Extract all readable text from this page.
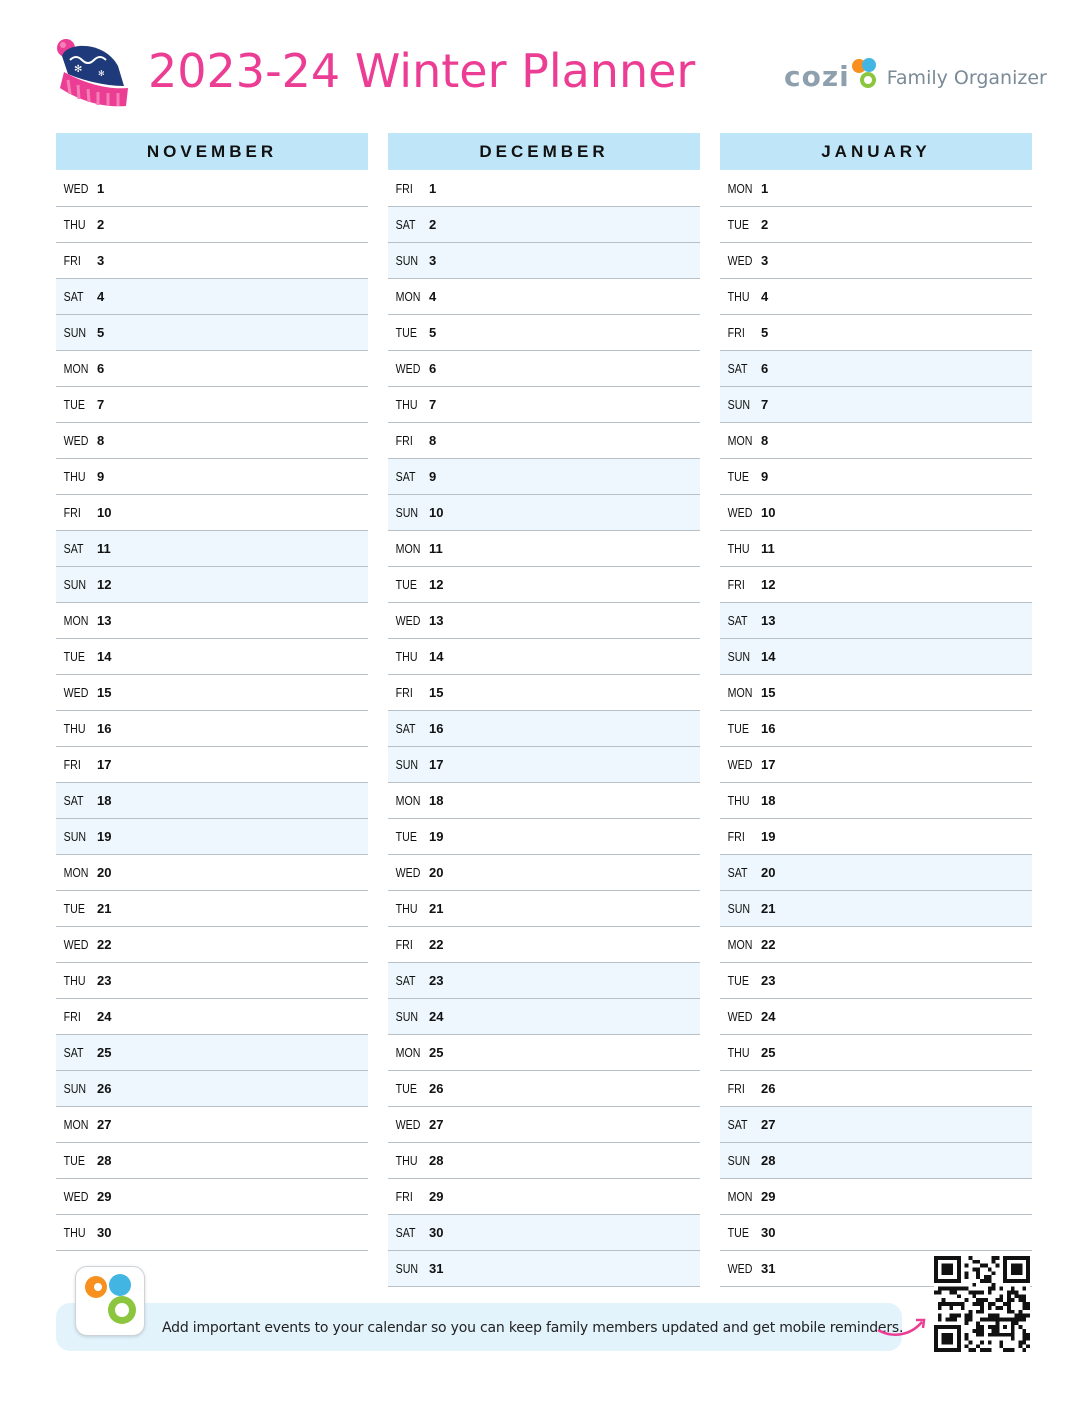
✻ ✻ 2023-24 Winter Planner	cozi Family Organizer
NOVEMBER
WED 1
THU 2
FRI	3
SAT	4
SUN 5
MON 6
TUE 7
WED 8
THU 9
FRI	10
SAT	11
SUN 12
MON 13
TUE 14
WED 15
THU 16
FRI	17
SAT	18
SUN 19
MON 20
TUE 21
WED 22
THU 23
FRI	24
SAT	25
SUN 26
MON 27
TUE 28
WED 29
THU 30
DECEMBER
FRI	1
SAT	2
SUN 3
MON 4
TUE 5
WED 6
THU 7
FRI	8
SAT	9
SUN 10
MON 11
TUE 12
WED 13
THU 14
FRI	15
SAT	16
SUN 17
MON 18
TUE 19
WED 20
THU 21
FRI	22
SAT	23
SUN 24
MON 25
TUE 26
WED 27
THU 28
FRI	29
SAT	30
SUN 31
JANUARY
MON 1
TUE 2
WED 3
THU 4
FRI	5
SAT	6
SUN 7
MON 8
TUE 9
WED 10
THU 11
FRI	12
SAT	13
SUN 14
MON 15
TUE 16
WED 17
THU 18
FRI	19
SAT	20
SUN 21
MON 22
TUE 23
WED 24
THU 25
FRI	26
SAT	27
SUN 28
MON 29
TUE 30
WED 31
Add important events to your calendar so you can keep family members updated and get mobile reminders.
